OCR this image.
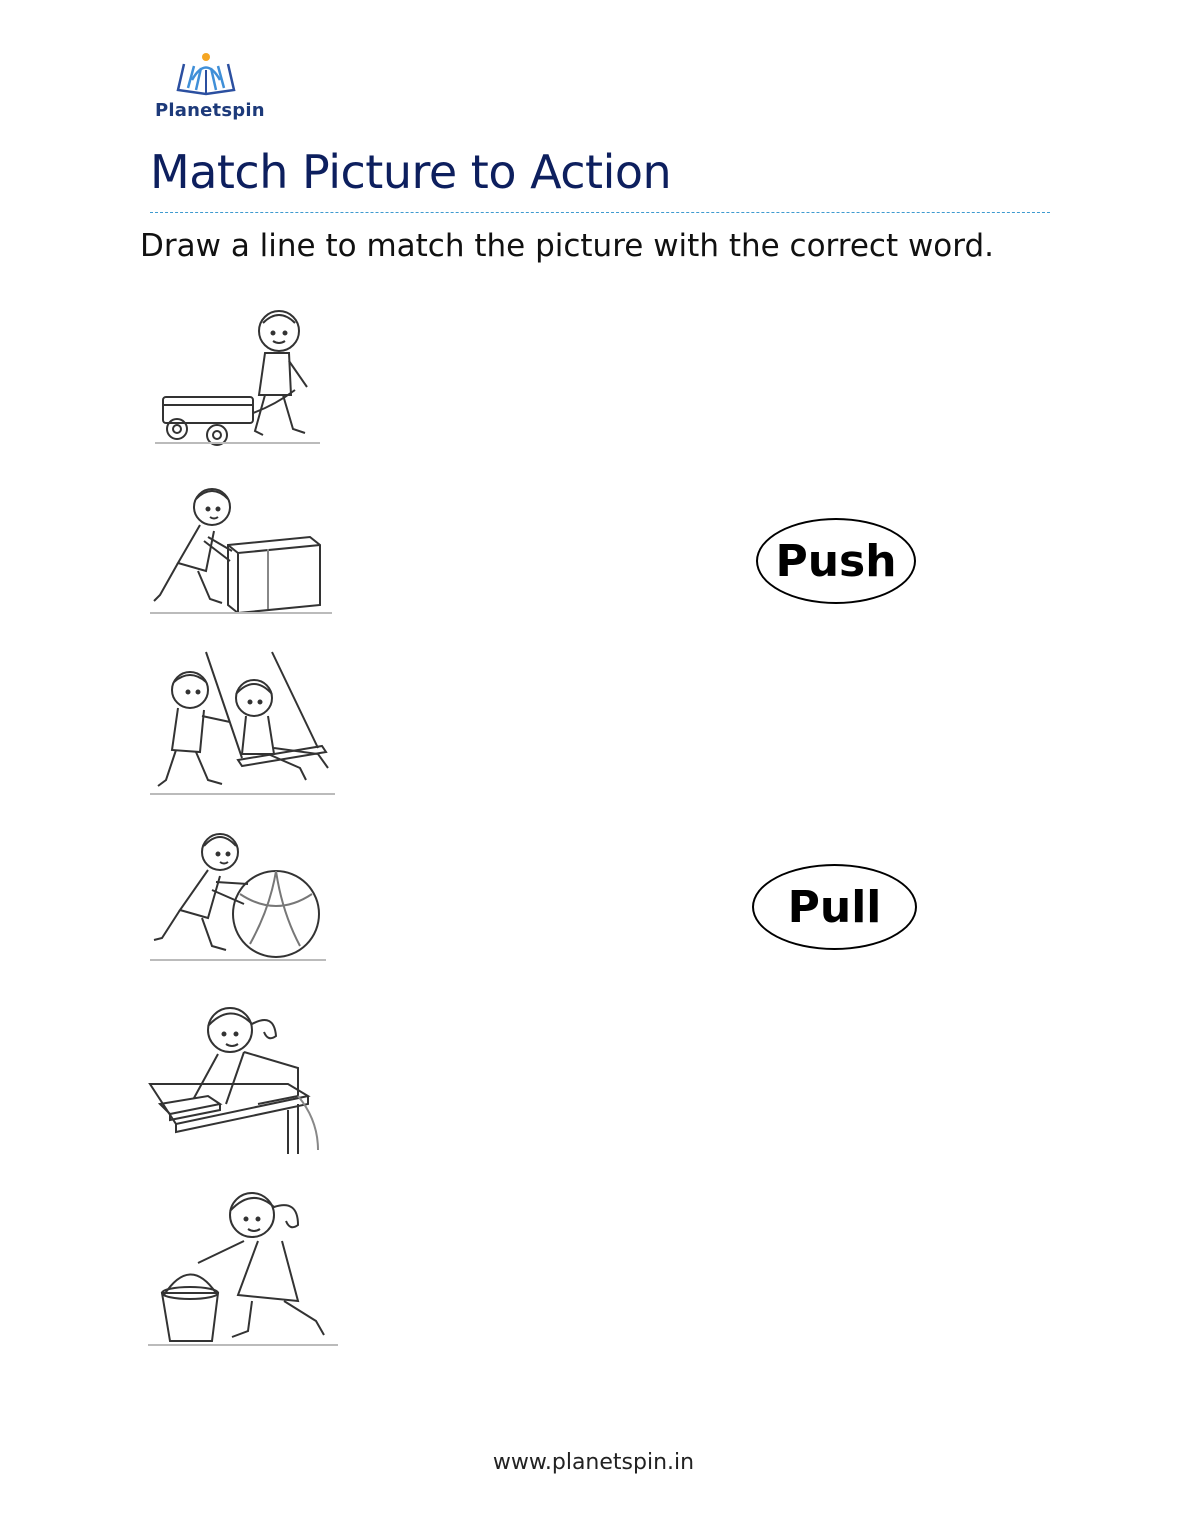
Planetspin
Match Picture to Action
Draw a line to match the picture with the correct word.
Push
Pull
www.planetspin.in
